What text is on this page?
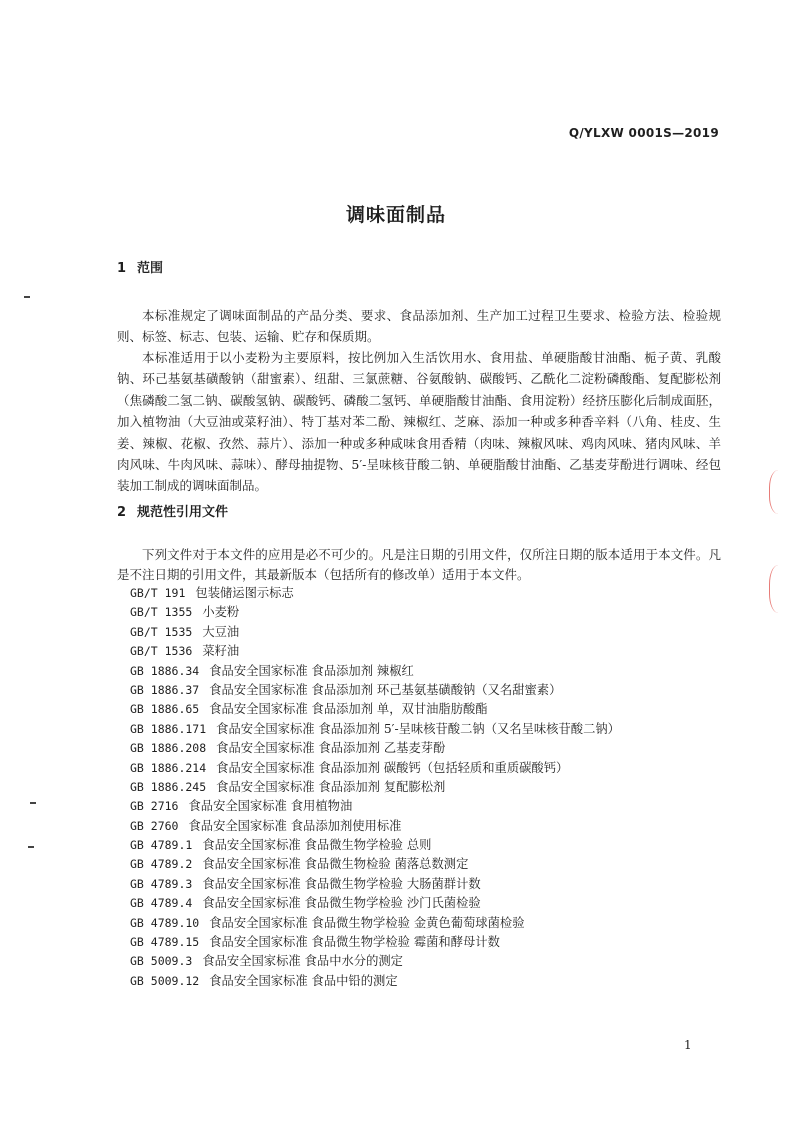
Q/YLXW 0001S—2019
调味面制品
1 范围

本标准规定了调味面制品的产品分类、要求、食品添加剂、生产加工过程卫生要求、检验方法、检验规则、标签、标志、包装、运输、贮存和保质期。

本标准适用于以小麦粉为主要原料，按比例加入生活饮用水、食用盐、单硬脂酸甘油酯、栀子黄、乳酸钠、环己基氨基磺酸钠（甜蜜素）、纽甜、三氯蔗糖、谷氨酸钠、碳酸钙、乙酰化二淀粉磷酸酯、复配膨松剂（焦磷酸二氢二钠、碳酸氢钠、碳酸钙、磷酸二氢钙、单硬脂酸甘油酯、食用淀粉）经挤压膨化后制成面胚，加入植物油（大豆油或菜籽油）、特丁基对苯二酚、辣椒红、芝麻、添加一种或多种香辛料（八角、桂皮、生姜、辣椒、花椒、孜然、蒜片）、添加一种或多种咸味食用香精（肉味、辣椒风味、鸡肉风味、猪肉风味、羊肉风味、牛肉风味、蒜味）、酵母抽提物、5′-呈味核苷酸二钠、单硬脂酸甘油酯、乙基麦芽酚进行调味、经包装加工制成的调味面制品。

2 规范性引用文件

下列文件对于本文件的应用是必不可少的。凡是注日期的引用文件，仅所注日期的版本适用于本文件。凡是不注日期的引用文件，其最新版本（包括所有的修改单）适用于本文件。

GB/T 191 包装储运图示标志
GB/T 1355 小麦粉
GB/T 1535 大豆油
GB/T 1536 菜籽油
GB 1886.34 食品安全国家标准 食品添加剂 辣椒红
GB 1886.37 食品安全国家标准 食品添加剂 环己基氨基磺酸钠（又名甜蜜素）
GB 1886.65 食品安全国家标准 食品添加剂 单，双甘油脂肪酸酯
GB 1886.171 食品安全国家标准 食品添加剂 5′-呈味核苷酸二钠（又名呈味核苷酸二钠）
GB 1886.208 食品安全国家标准 食品添加剂 乙基麦芽酚
GB 1886.214 食品安全国家标准 食品添加剂 碳酸钙（包括轻质和重质碳酸钙）
GB 1886.245 食品安全国家标准 食品添加剂 复配膨松剂
GB 2716 食品安全国家标准 食用植物油
GB 2760 食品安全国家标准 食品添加剂使用标准
GB 4789.1 食品安全国家标准 食品微生物学检验 总则
GB 4789.2 食品安全国家标准 食品微生物检验 菌落总数测定
GB 4789.3 食品安全国家标准 食品微生物学检验 大肠菌群计数
GB 4789.4 食品安全国家标准 食品微生物学检验 沙门氏菌检验
GB 4789.10 食品安全国家标准 食品微生物学检验 金黄色葡萄球菌检验
GB 4789.15 食品安全国家标准 食品微生物学检验 霉菌和酵母计数
GB 5009.3 食品安全国家标准 食品中水分的测定
GB 5009.12 食品安全国家标准 食品中铅的测定
1
